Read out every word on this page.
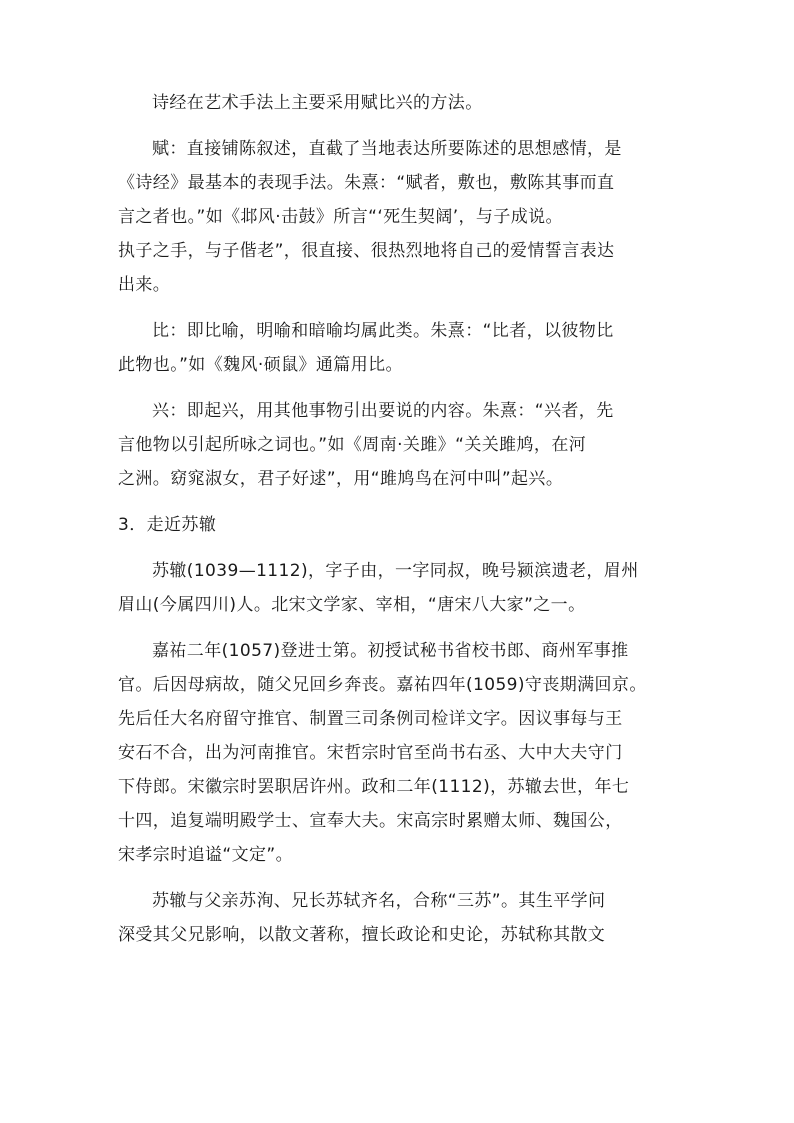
诗经在艺术手法上主要采用赋比兴的方法。
赋：直接铺陈叙述，直截了当地表达所要陈述的思想感情，是
《诗经》最基本的表现手法。朱熹：“赋者，敷也，敷陈其事而直
言之者也。”如《邶风·击鼓》所言“‘死生契阔’，与子成说。
执子之手，与子偕老”，很直接、很热烈地将自己的爱情誓言表达
出来。
比：即比喻，明喻和暗喻均属此类。朱熹：“比者，以彼物比
此物也。”如《魏风·硕鼠》通篇用比。
兴：即起兴，用其他事物引出要说的内容。朱熹：“兴者，先
言他物以引起所咏之词也。”如《周南·关雎》“关关雎鸠，在河
之洲。窈窕淑女，君子好逑”，用“雎鸠鸟在河中叫”起兴。
3．走近苏辙
苏辙(1039—1112)，字子由，一字同叔，晚号颍滨遗老，眉州
眉山(今属四川)人。北宋文学家、宰相，“唐宋八大家”之一。
嘉祐二年(1057)登进士第。初授试秘书省校书郎、商州军事推
官。后因母病故，随父兄回乡奔丧。嘉祐四年(1059)守丧期满回京。
先后任大名府留守推官、制置三司条例司检详文字。因议事每与王
安石不合，出为河南推官。宋哲宗时官至尚书右丞、大中大夫守门
下侍郎。宋徽宗时罢职居许州。政和二年(1112)，苏辙去世，年七
十四，追复端明殿学士、宣奉大夫。宋高宗时累赠太师、魏国公，
宋孝宗时追谥“文定”。
苏辙与父亲苏洵、兄长苏轼齐名，合称“三苏”。其生平学问
深受其父兄影响，以散文著称，擅长政论和史论，苏轼称其散文
